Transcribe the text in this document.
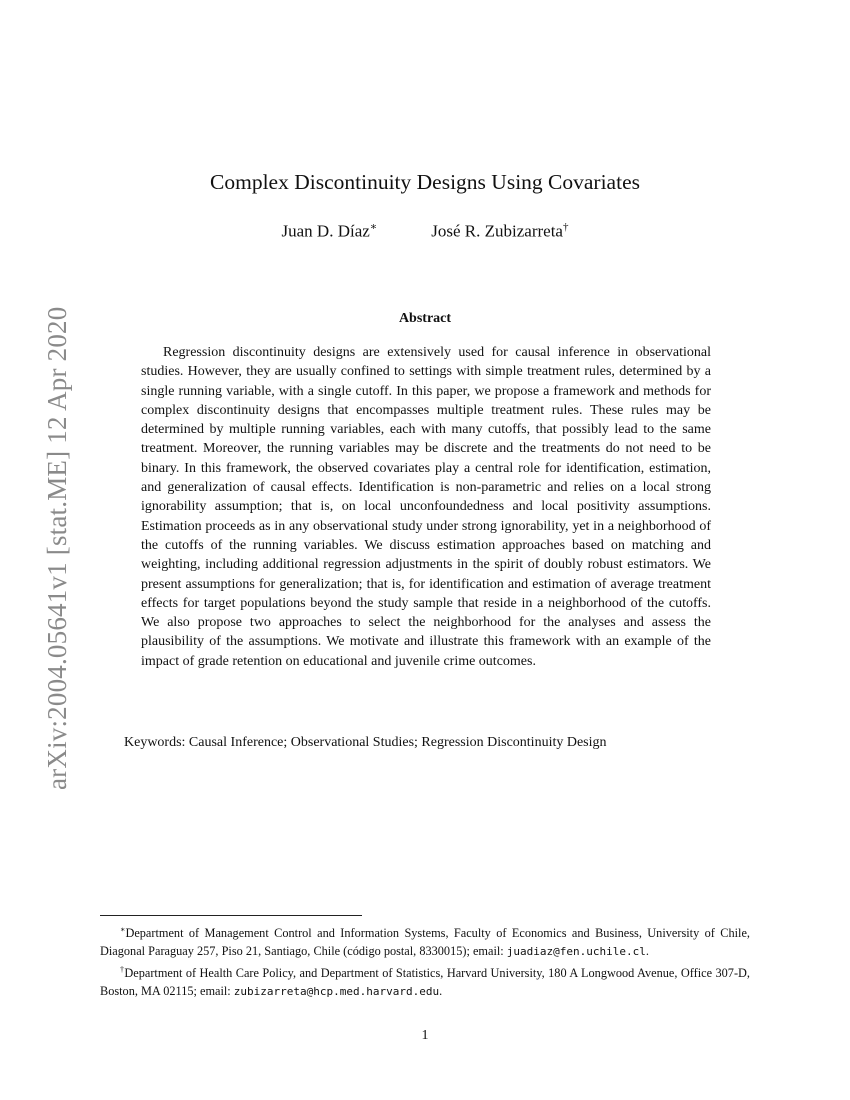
arXiv:2004.05641v1 [stat.ME] 12 Apr 2020
Complex Discontinuity Designs Using Covariates
Juan D. Díaz∗	José R. Zubizarreta†
Abstract
Regression discontinuity designs are extensively used for causal inference in observational studies. However, they are usually confined to settings with simple treatment rules, determined by a single running variable, with a single cutoff. In this paper, we propose a framework and methods for complex discontinuity designs that encompasses multiple treatment rules. These rules may be determined by multiple running variables, each with many cutoffs, that possibly lead to the same treatment. Moreover, the running variables may be discrete and the treatments do not need to be binary. In this framework, the observed covariates play a central role for identification, estimation, and generalization of causal effects. Identification is non-parametric and relies on a local strong ignorability assumption; that is, on local unconfoundedness and local positivity assumptions. Estimation proceeds as in any observational study under strong ignorability, yet in a neighborhood of the cutoffs of the running variables. We discuss estimation approaches based on matching and weighting, including additional regression adjustments in the spirit of doubly robust estimators. We present assumptions for generalization; that is, for identification and estimation of average treatment effects for target populations beyond the study sample that reside in a neighborhood of the cutoffs. We also propose two approaches to select the neighborhood for the analyses and assess the plausibility of the assumptions. We motivate and illustrate this framework with an example of the impact of grade retention on educational and juvenile crime outcomes.
Keywords: Causal Inference; Observational Studies; Regression Discontinuity Design

∗Department of Management Control and Information Systems, Faculty of Economics and Business, University of Chile, Diagonal Paraguay 257, Piso 21, Santiago, Chile (código postal, 8330015); email: juadiaz@fen.uchile.cl.

†Department of Health Care Policy, and Department of Statistics, Harvard University, 180 A Longwood Avenue, Office 307-D, Boston, MA 02115; email: zubizarreta@hcp.med.harvard.edu.

1
